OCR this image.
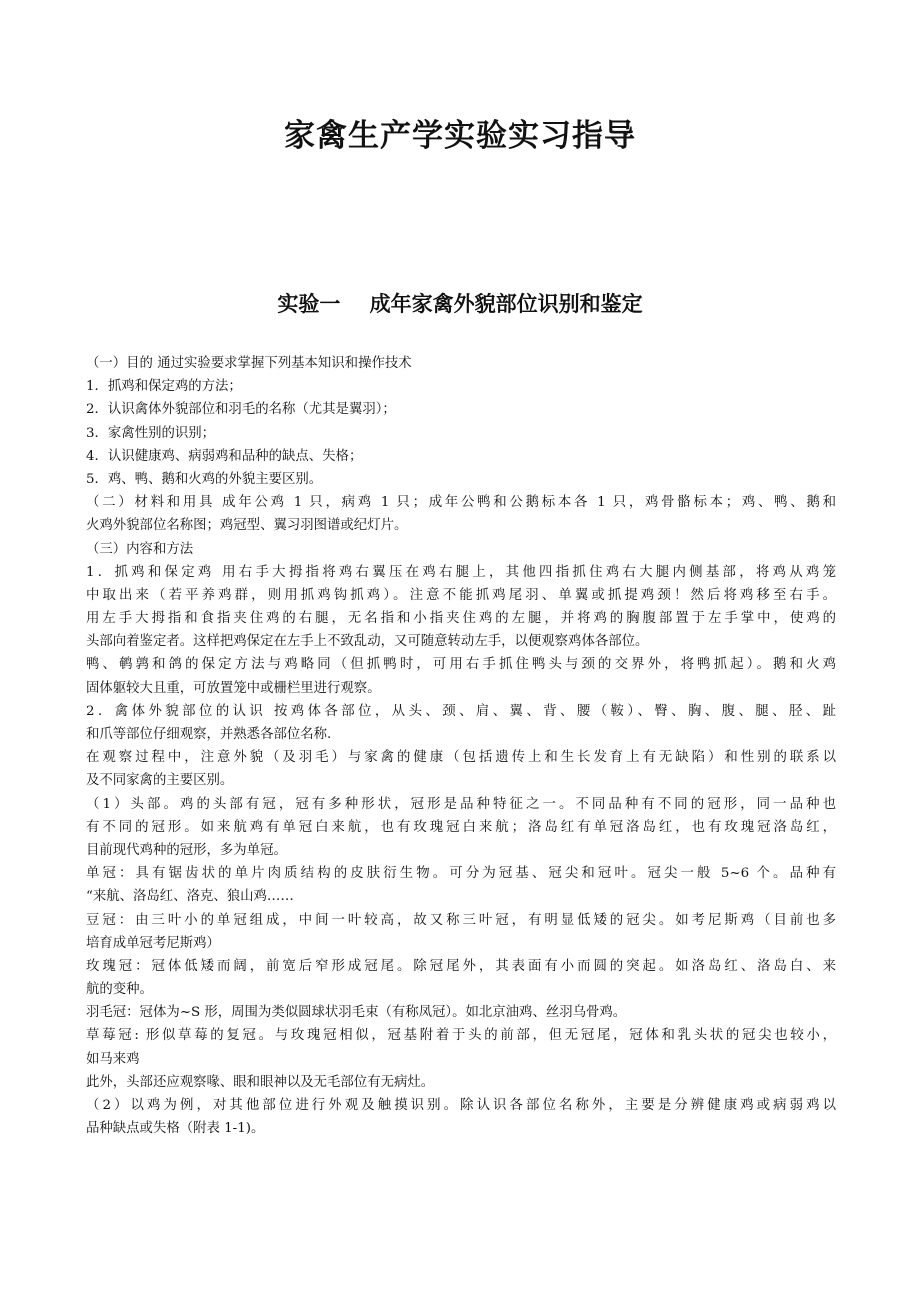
家禽生产学实验实习指导
实验一    成年家禽外貌部位识别和鉴定
（一）目的 通过实验要求掌握下列基本知识和操作技术
1．抓鸡和保定鸡的方法；
2．认识禽体外貌部位和羽毛的名称（尤其是翼羽）；
3．家禽性别的识别；
4．认识健康鸡、病弱鸡和品种的缺点、失格；
5．鸡、鸭、鹅和火鸡的外貌主要区别。
（二）材料和用具 成年公鸡 1 只，病鸡 1 只；成年公鸭和公鹅标本各 1 只，鸡骨骼标本；鸡、鸭、鹅和
火鸡外貌部位名称图；鸡冠型、翼习羽图谱或纪灯片。
（三）内容和方法
1．抓鸡和保定鸡 用右手大拇指将鸡右翼压在鸡右腿上，其他四指抓住鸡右大腿内侧基部，将鸡从鸡笼
中取出来（若平养鸡群，则用抓鸡钩抓鸡）。注意不能抓鸡尾羽、单翼或抓提鸡颈！然后将鸡移至右手。
用左手大拇指和食指夹住鸡的右腿，无名指和小指夹住鸡的左腿，并将鸡的胸腹部置于左手掌中，使鸡的
头部向着鉴定者。这样把鸡保定在左手上不致乱动，又可随意转动左手，以便观察鸡体各部位。
鸭、鹌鹑和鸽的保定方法与鸡略同（但抓鸭时，可用右手抓住鸭头与颈的交界外，将鸭抓起）。鹅和火鸡
固体躯较大且重，可放置笼中或栅栏里进行观察。
2．禽体外貌部位的认识 按鸡体各部位，从头、颈、肩、翼、背、腰（鞍）、臀、胸、腹、腿、胫、趾
和爪等部位仔细观察，并熟悉各部位名称.
在观察过程中，注意外貌（及羽毛）与家禽的健康（包括遗传上和生长发育上有无缺陷）和性别的联系以
及不同家禽的主要区别。
（1）头部。鸡的头部有冠，冠有多种形状，冠形是品种特征之一。不同品种有不同的冠形，同一品种也
有不同的冠形。如来航鸡有单冠白来航，也有玫瑰冠白来航；洛岛红有单冠洛岛红，也有玫瑰冠洛岛红，
目前现代鸡种的冠形，多为单冠。
单冠：具有锯齿状的单片肉质结构的皮肤衍生物。可分为冠基、冠尖和冠叶。冠尖一般 5~6 个。品种有
“来航、洛岛红、洛克、狼山鸡……
豆冠：由三叶小的单冠组成，中间一叶较高，故又称三叶冠，有明显低矮的冠尖。如考尼斯鸡（目前也多
培育成单冠考尼斯鸡）
玫瑰冠：冠体低矮而阔，前宽后窄形成冠尾。除冠尾外，其表面有小而圆的突起。如洛岛红、洛岛白、来
航的变种。
羽毛冠：冠体为~S 形，周围为类似圆球状羽毛束（有称凤冠）。如北京油鸡、丝羽乌骨鸡。
草莓冠: 形似草莓的复冠。与玫瑰冠相似，冠基附着于头的前部，但无冠尾，冠体和乳头状的冠尖也较小，
如马来鸡
此外，头部还应观察喙、眼和眼神以及无毛部位有无病灶。
（2）以鸡为例，对其他部位进行外观及触摸识别。除认识各部位名称外，主要是分辨健康鸡或病弱鸡以
品种缺点或失格（附表 1-1)。
